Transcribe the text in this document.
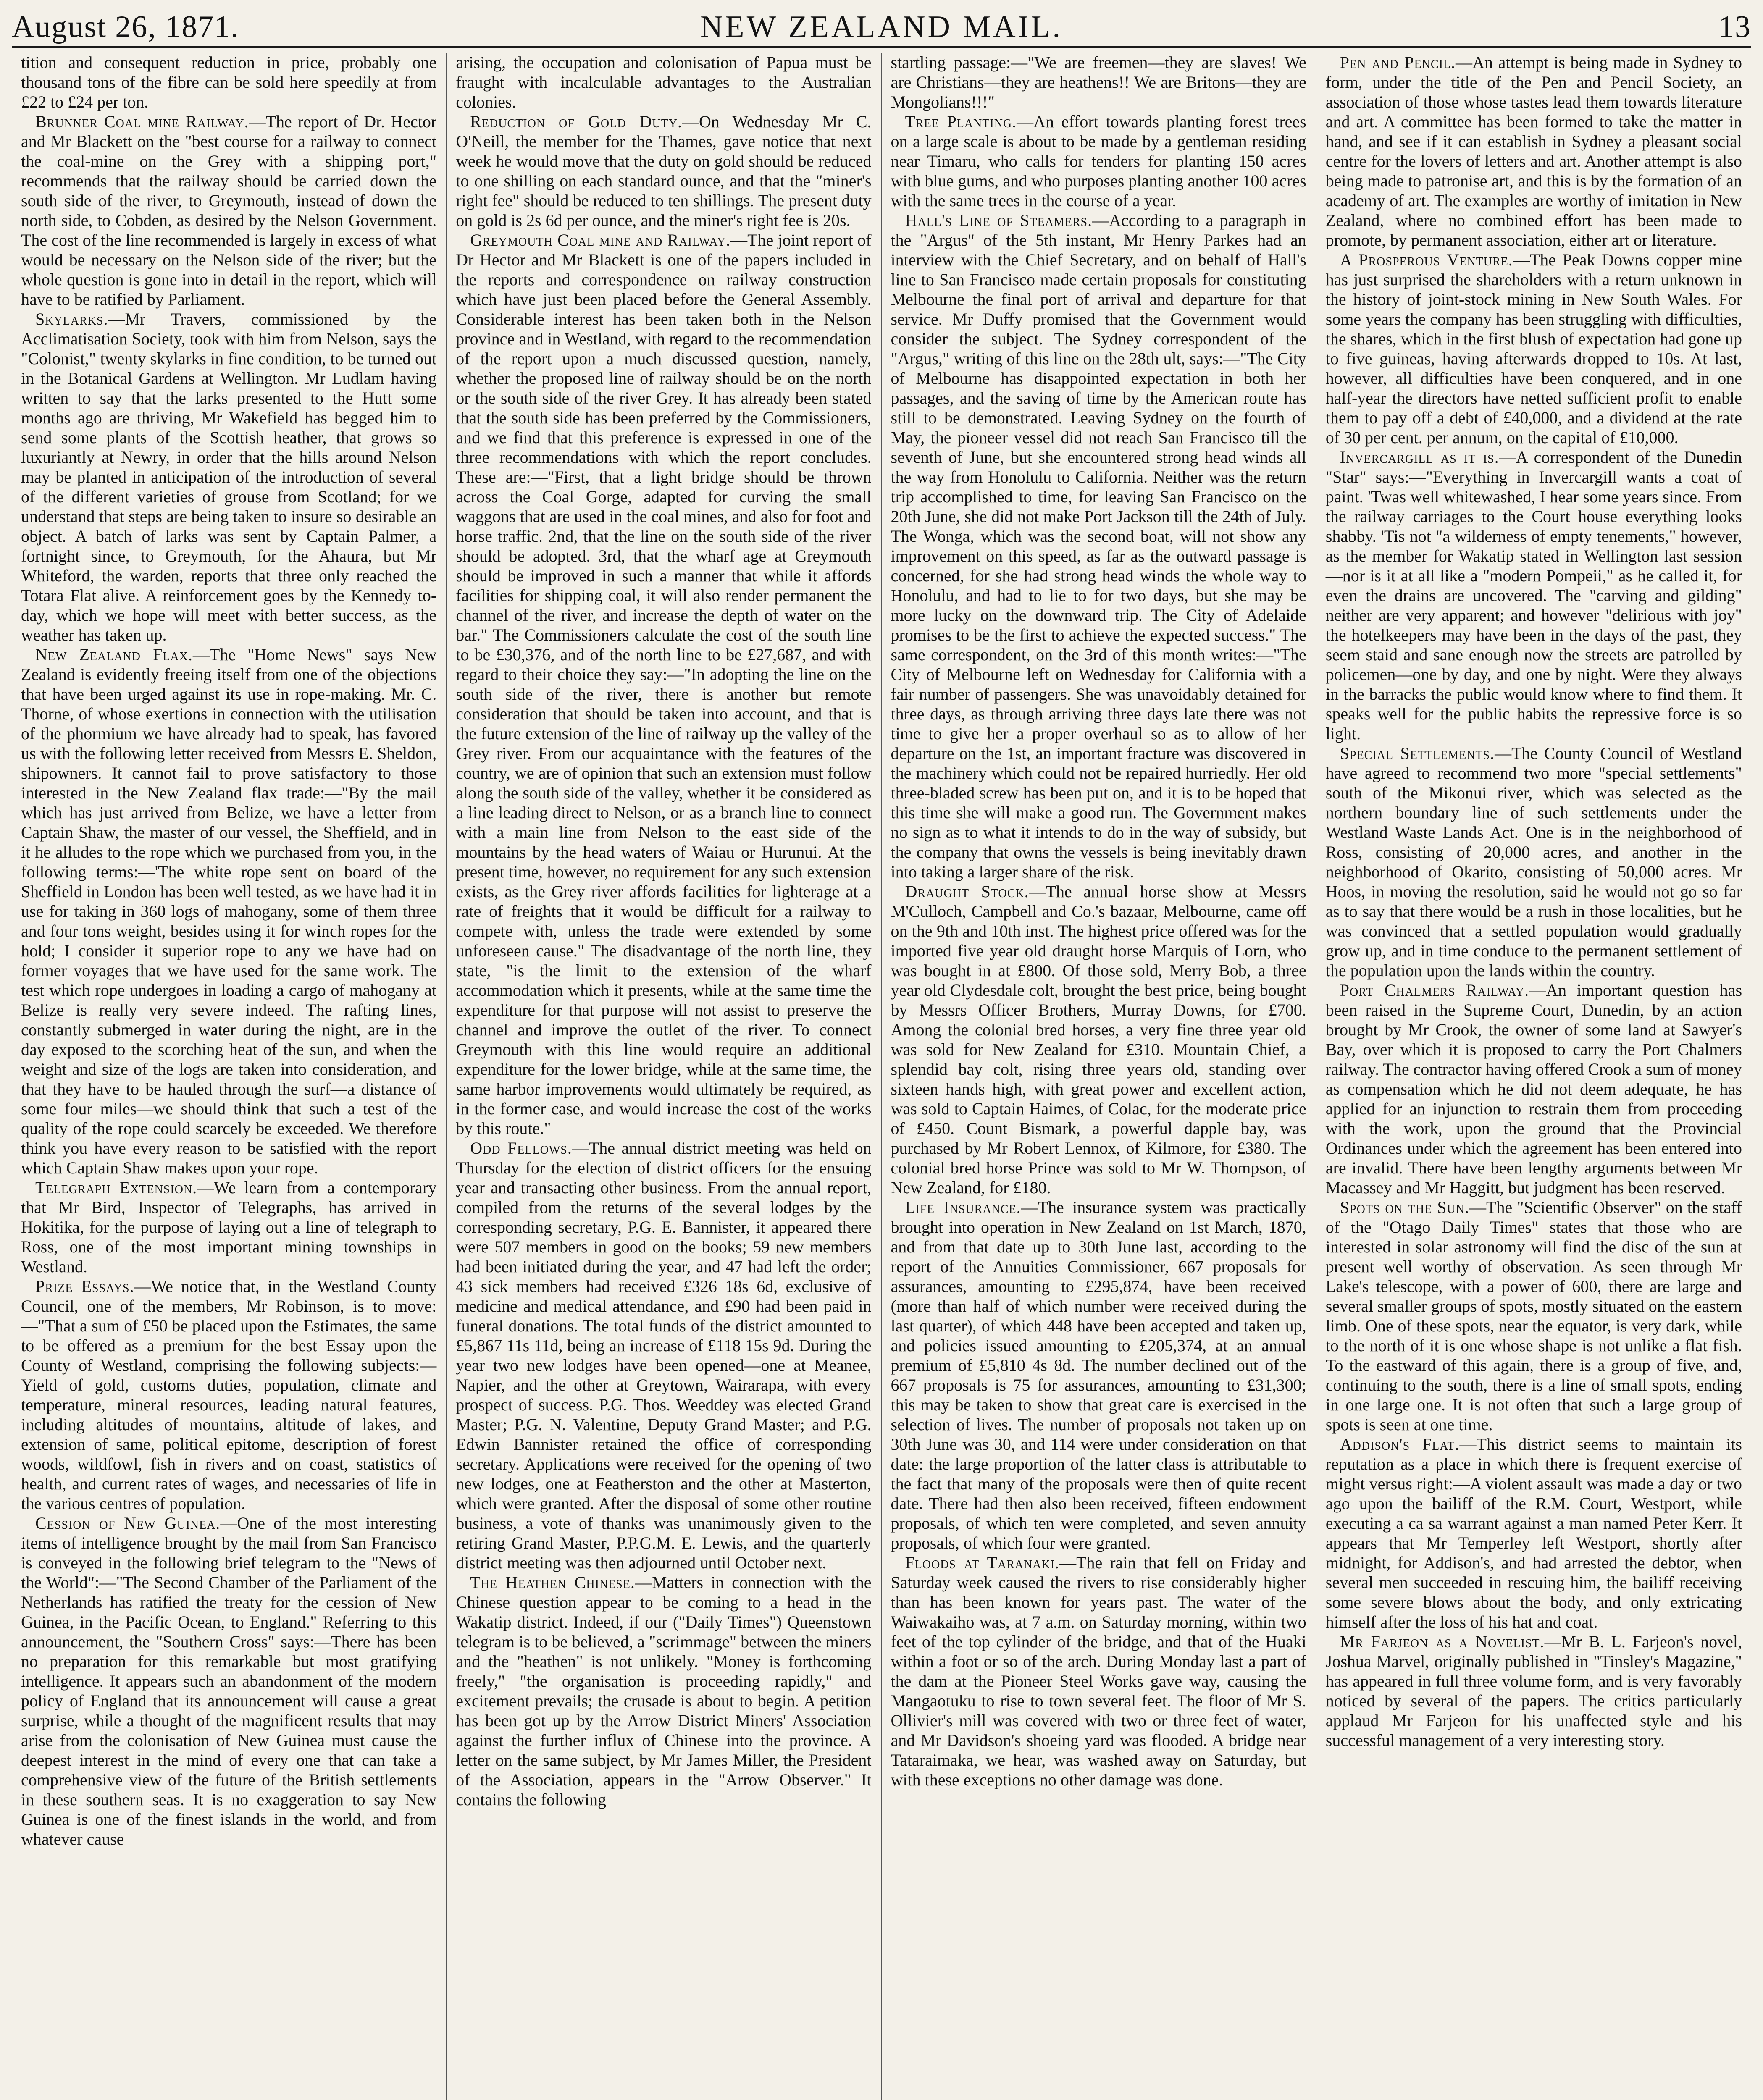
August 26, 1871.	NEW ZEALAND MAIL.	13

tition and consequent reduction in price, probably one thousand tons of the fibre can be sold here speedily at from £22 to £24 per ton.

Brunner Coal mine Railway.—The report of Dr. Hector and Mr Blackett on the "best course for a railway to connect the coal-mine on the Grey with a shipping port," recommends that the railway should be carried down the south side of the river, to Greymouth, instead of down the north side, to Cobden, as desired by the Nelson Government. The cost of the line recommended is largely in excess of what would be necessary on the Nelson side of the river; but the whole question is gone into in detail in the report, which will have to be ratified by Parliament.

Skylarks.—Mr Travers, commissioned by the Acclimatisation Society, took with him from Nelson, says the "Colonist," twenty skylarks in fine condition, to be turned out in the Botanical Gardens at Wellington. Mr Ludlam having written to say that the larks presented to the Hutt some months ago are thriving, Mr Wakefield has begged him to send some plants of the Scottish heather, that grows so luxuriantly at Newry, in order that the hills around Nelson may be planted in anticipation of the introduction of several of the different varieties of grouse from Scotland; for we understand that steps are being taken to insure so desirable an object. A batch of larks was sent by Captain Palmer, a fortnight since, to Greymouth, for the Ahaura, but Mr Whiteford, the warden, reports that three only reached the Totara Flat alive. A reinforcement goes by the Kennedy to-day, which we hope will meet with better success, as the weather has taken up.

New Zealand Flax.—The "Home News" says New Zealand is evidently freeing itself from one of the objections that have been urged against its use in rope-making. Mr. C. Thorne, of whose exertions in connection with the utilisation of the phormium we have already had to speak, has favored us with the following letter received from Messrs E. Sheldon, shipowners. It cannot fail to prove satisfactory to those interested in the New Zealand flax trade:—"By the mail which has just arrived from Belize, we have a letter from Captain Shaw, the master of our vessel, the Sheffield, and in it he alludes to the rope which we purchased from you, in the following terms:—'The white rope sent on board of the Sheffield in London has been well tested, as we have had it in use for taking in 360 logs of mahogany, some of them three and four tons weight, besides using it for winch ropes for the hold; I consider it superior rope to any we have had on former voyages that we have used for the same work. The test which rope undergoes in loading a cargo of mahogany at Belize is really very severe indeed. The rafting lines, constantly submerged in water during the night, are in the day exposed to the scorching heat of the sun, and when the weight and size of the logs are taken into consideration, and that they have to be hauled through the surf—a distance of some four miles—we should think that such a test of the quality of the rope could scarcely be exceeded. We therefore think you have every reason to be satisfied with the report which Captain Shaw makes upon your rope.

Telegraph Extension.—We learn from a contemporary that Mr Bird, Inspector of Telegraphs, has arrived in Hokitika, for the purpose of laying out a line of telegraph to Ross, one of the most important mining townships in Westland.

Prize Essays.—We notice that, in the Westland County Council, one of the members, Mr Robinson, is to move:—"That a sum of £50 be placed upon the Estimates, the same to be offered as a premium for the best Essay upon the County of Westland, comprising the following subjects:—Yield of gold, customs duties, population, climate and temperature, mineral resources, leading natural features, including altitudes of mountains, altitude of lakes, and extension of same, political epitome, description of forest woods, wildfowl, fish in rivers and on coast, statistics of health, and current rates of wages, and necessaries of life in the various centres of population.

Cession of New Guinea.—One of the most interesting items of intelligence brought by the mail from San Francisco is conveyed in the following brief telegram to the "News of the World":—"The Second Chamber of the Parliament of the Netherlands has ratified the treaty for the cession of New Guinea, in the Pacific Ocean, to England." Referring to this announcement, the "Southern Cross" says:—There has been no preparation for this remarkable but most gratifying intelligence. It appears such an abandonment of the modern policy of England that its announcement will cause a great surprise, while a thought of the magnificent results that may arise from the colonisation of New Guinea must cause the deepest interest in the mind of every one that can take a comprehensive view of the future of the British settlements in these southern seas. It is no exaggeration to say New Guinea is one of the finest islands in the world, and from whatever cause

arising, the occupation and colonisation of Papua must be fraught with incalculable advantages to the Australian colonies.

Reduction of Gold Duty.—On Wednesday Mr C. O'Neill, the member for the Thames, gave notice that next week he would move that the duty on gold should be reduced to one shilling on each standard ounce, and that the "miner's right fee" should be reduced to ten shillings. The present duty on gold is 2s 6d per ounce, and the miner's right fee is 20s.

Greymouth Coal mine and Railway.—The joint report of Dr Hector and Mr Blackett is one of the papers included in the reports and correspondence on railway construction which have just been placed before the General Assembly. Considerable interest has been taken both in the Nelson province and in Westland, with regard to the recommendation of the report upon a much discussed question, namely, whether the proposed line of railway should be on the north or the south side of the river Grey. It has already been stated that the south side has been preferred by the Commissioners, and we find that this preference is expressed in one of the three recommendations with which the report concludes. These are:—"First, that a light bridge should be thrown across the Coal Gorge, adapted for curving the small waggons that are used in the coal mines, and also for foot and horse traffic. 2nd, that the line on the south side of the river should be adopted. 3rd, that the wharf age at Greymouth should be improved in such a manner that while it affords facilities for shipping coal, it will also render permanent the channel of the river, and increase the depth of water on the bar." The Commissioners calculate the cost of the south line to be £30,376, and of the north line to be £27,687, and with regard to their choice they say:—"In adopting the line on the south side of the river, there is another but remote consideration that should be taken into account, and that is the future extension of the line of railway up the valley of the Grey river. From our acquaintance with the features of the country, we are of opinion that such an extension must follow along the south side of the valley, whether it be considered as a line leading direct to Nelson, or as a branch line to connect with a main line from Nelson to the east side of the mountains by the head waters of Waiau or Hurunui. At the present time, however, no requirement for any such extension exists, as the Grey river affords facilities for lighterage at a rate of freights that it would be difficult for a railway to compete with, unless the trade were extended by some unforeseen cause." The disadvantage of the north line, they state, "is the limit to the extension of the wharf accommodation which it presents, while at the same time the expenditure for that purpose will not assist to preserve the channel and improve the outlet of the river. To connect Greymouth with this line would require an additional expenditure for the lower bridge, while at the same time, the same harbor improvements would ultimately be required, as in the former case, and would increase the cost of the works by this route."

Odd Fellows.—The annual district meeting was held on Thursday for the election of district officers for the ensuing year and transacting other business. From the annual report, compiled from the returns of the several lodges by the corresponding secretary, P.G. E. Bannister, it appeared there were 507 members in good on the books; 59 new members had been initiated during the year, and 47 had left the order; 43 sick members had received £326 18s 6d, exclusive of medicine and medical attendance, and £90 had been paid in funeral donations. The total funds of the district amounted to £5,867 11s 11d, being an increase of £118 15s 9d. During the year two new lodges have been opened—one at Meanee, Napier, and the other at Greytown, Wairarapa, with every prospect of success. P.G. Thos. Weeddey was elected Grand Master; P.G. N. Valentine, Deputy Grand Master; and P.G. Edwin Bannister retained the office of corresponding secretary. Applications were received for the opening of two new lodges, one at Featherston and the other at Masterton, which were granted. After the disposal of some other routine business, a vote of thanks was unanimously given to the retiring Grand Master, P.P.G.M. E. Lewis, and the quarterly district meeting was then adjourned until October next.

The Heathen Chinese.—Matters in connection with the Chinese question appear to be coming to a head in the Wakatip district. Indeed, if our ("Daily Times") Queenstown telegram is to be believed, a "scrimmage" between the miners and the "heathen" is not unlikely. "Money is forthcoming freely," "the organisation is proceeding rapidly," and excitement prevails; the crusade is about to begin. A petition has been got up by the Arrow District Miners' Association against the further influx of Chinese into the province. A letter on the same subject, by Mr James Miller, the President of the Association, appears in the "Arrow Observer." It contains the following

startling passage:—"We are freemen—they are slaves! We are Christians—they are heathens!! We are Britons—they are Mongolians!!!"

Tree Planting.—An effort towards planting forest trees on a large scale is about to be made by a gentleman residing near Timaru, who calls for tenders for planting 150 acres with blue gums, and who purposes planting another 100 acres with the same trees in the course of a year.

Hall's Line of Steamers.—According to a paragraph in the "Argus" of the 5th instant, Mr Henry Parkes had an interview with the Chief Secretary, and on behalf of Hall's line to San Francisco made certain proposals for constituting Melbourne the final port of arrival and departure for that service. Mr Duffy promised that the Government would consider the subject. The Sydney correspondent of the "Argus," writing of this line on the 28th ult, says:—"The City of Melbourne has disappointed expectation in both her passages, and the saving of time by the American route has still to be demonstrated. Leaving Sydney on the fourth of May, the pioneer vessel did not reach San Francisco till the seventh of June, but she encountered strong head winds all the way from Honolulu to California. Neither was the return trip accomplished to time, for leaving San Francisco on the 20th June, she did not make Port Jackson till the 24th of July. The Wonga, which was the second boat, will not show any improvement on this speed, as far as the outward passage is concerned, for she had strong head winds the whole way to Honolulu, and had to lie to for two days, but she may be more lucky on the downward trip. The City of Adelaide promises to be the first to achieve the expected success." The same correspondent, on the 3rd of this month writes:—"The City of Melbourne left on Wednesday for California with a fair number of passengers. She was unavoidably detained for three days, as through arriving three days late there was not time to give her a proper overhaul so as to allow of her departure on the 1st, an important fracture was discovered in the machinery which could not be repaired hurriedly. Her old three-bladed screw has been put on, and it is to be hoped that this time she will make a good run. The Government makes no sign as to what it intends to do in the way of subsidy, but the company that owns the vessels is being inevitably drawn into taking a larger share of the risk.

Draught Stock.—The annual horse show at Messrs M'Culloch, Campbell and Co.'s bazaar, Melbourne, came off on the 9th and 10th inst. The highest price offered was for the imported five year old draught horse Marquis of Lorn, who was bought in at £800. Of those sold, Merry Bob, a three year old Clydesdale colt, brought the best price, being bought by Messrs Officer Brothers, Murray Downs, for £700. Among the colonial bred horses, a very fine three year old was sold for New Zealand for £310. Mountain Chief, a splendid bay colt, rising three years old, standing over sixteen hands high, with great power and excellent action, was sold to Captain Haimes, of Colac, for the moderate price of £450. Count Bismark, a powerful dapple bay, was purchased by Mr Robert Lennox, of Kilmore, for £380. The colonial bred horse Prince was sold to Mr W. Thompson, of New Zealand, for £180.

Life Insurance.—The insurance system was practically brought into operation in New Zealand on 1st March, 1870, and from that date up to 30th June last, according to the report of the Annuities Commissioner, 667 proposals for assurances, amounting to £295,874, have been received (more than half of which number were received during the last quarter), of which 448 have been accepted and taken up, and policies issued amounting to £205,374, at an annual premium of £5,810 4s 8d. The number declined out of the 667 proposals is 75 for assurances, amounting to £31,300; this may be taken to show that great care is exercised in the selection of lives. The number of proposals not taken up on 30th June was 30, and 114 were under consideration on that date: the large proportion of the latter class is attributable to the fact that many of the proposals were then of quite recent date. There had then also been received, fifteen endowment proposals, of which ten were completed, and seven annuity proposals, of which four were granted.

Floods at Taranaki.—The rain that fell on Friday and Saturday week caused the rivers to rise considerably higher than has been known for years past. The water of the Waiwakaiho was, at 7 a.m. on Saturday morning, within two feet of the top cylinder of the bridge, and that of the Huaki within a foot or so of the arch. During Monday last a part of the dam at the Pioneer Steel Works gave way, causing the Mangaotuku to rise to town several feet. The floor of Mr S. Ollivier's mill was covered with two or three feet of water, and Mr Davidson's shoeing yard was flooded. A bridge near Tataraimaka, we hear, was washed away on Saturday, but with these exceptions no other damage was done.

Pen and Pencil.—An attempt is being made in Sydney to form, under the title of the Pen and Pencil Society, an association of those whose tastes lead them towards literature and art. A committee has been formed to take the matter in hand, and see if it can establish in Sydney a pleasant social centre for the lovers of letters and art. Another attempt is also being made to patronise art, and this is by the formation of an academy of art. The examples are worthy of imitation in New Zealand, where no combined effort has been made to promote, by permanent association, either art or literature.

A Prosperous Venture.—The Peak Downs copper mine has just surprised the shareholders with a return unknown in the history of joint-stock mining in New South Wales. For some years the company has been struggling with difficulties, the shares, which in the first blush of expectation had gone up to five guineas, having afterwards dropped to 10s. At last, however, all difficulties have been conquered, and in one half-year the directors have netted sufficient profit to enable them to pay off a debt of £40,000, and a dividend at the rate of 30 per cent. per annum, on the capital of £10,000.

Invercargill as it is.—A correspondent of the Dunedin "Star" says:—"Everything in Invercargill wants a coat of paint. 'Twas well whitewashed, I hear some years since. From the railway carriages to the Court house everything looks shabby. 'Tis not "a wilderness of empty tenements," however, as the member for Wakatip stated in Wellington last session—nor is it at all like a "modern Pompeii," as he called it, for even the drains are uncovered. The "carving and gilding" neither are very apparent; and however "delirious with joy" the hotelkeepers may have been in the days of the past, they seem staid and sane enough now the streets are patrolled by policemen—one by day, and one by night. Were they always in the barracks the public would know where to find them. It speaks well for the public habits the repressive force is so light.

Special Settlements.—The County Council of Westland have agreed to recommend two more "special settlements" south of the Mikonui river, which was selected as the northern boundary line of such settlements under the Westland Waste Lands Act. One is in the neighborhood of Ross, consisting of 20,000 acres, and another in the neighborhood of Okarito, consisting of 50,000 acres. Mr Hoos, in moving the resolution, said he would not go so far as to say that there would be a rush in those localities, but he was convinced that a settled population would gradually grow up, and in time conduce to the permanent settlement of the population upon the lands within the country.

Port Chalmers Railway.—An important question has been raised in the Supreme Court, Dunedin, by an action brought by Mr Crook, the owner of some land at Sawyer's Bay, over which it is proposed to carry the Port Chalmers railway. The contractor having offered Crook a sum of money as compensation which he did not deem adequate, he has applied for an injunction to restrain them from proceeding with the work, upon the ground that the Provincial Ordinances under which the agreement has been entered into are invalid. There have been lengthy arguments between Mr Macassey and Mr Haggitt, but judgment has been reserved.

Spots on the Sun.—The "Scientific Observer" on the staff of the "Otago Daily Times" states that those who are interested in solar astronomy will find the disc of the sun at present well worthy of observation. As seen through Mr Lake's telescope, with a power of 600, there are large and several smaller groups of spots, mostly situated on the eastern limb. One of these spots, near the equator, is very dark, while to the north of it is one whose shape is not unlike a flat fish. To the eastward of this again, there is a group of five, and, continuing to the south, there is a line of small spots, ending in one large one. It is not often that such a large group of spots is seen at one time.

Addison's Flat.—This district seems to maintain its reputation as a place in which there is frequent exercise of might versus right:—A violent assault was made a day or two ago upon the bailiff of the R.M. Court, Westport, while executing a ca sa warrant against a man named Peter Kerr. It appears that Mr Temperley left Westport, shortly after midnight, for Addison's, and had arrested the debtor, when several men succeeded in rescuing him, the bailiff receiving some severe blows about the body, and only extricating himself after the loss of his hat and coat.

Mr Farjeon as a Novelist.—Mr B. L. Farjeon's novel, Joshua Marvel, originally published in "Tinsley's Magazine," has appeared in full three volume form, and is very favorably noticed by several of the papers. The critics particularly applaud Mr Farjeon for his unaffected style and his successful management of a very interesting story.
